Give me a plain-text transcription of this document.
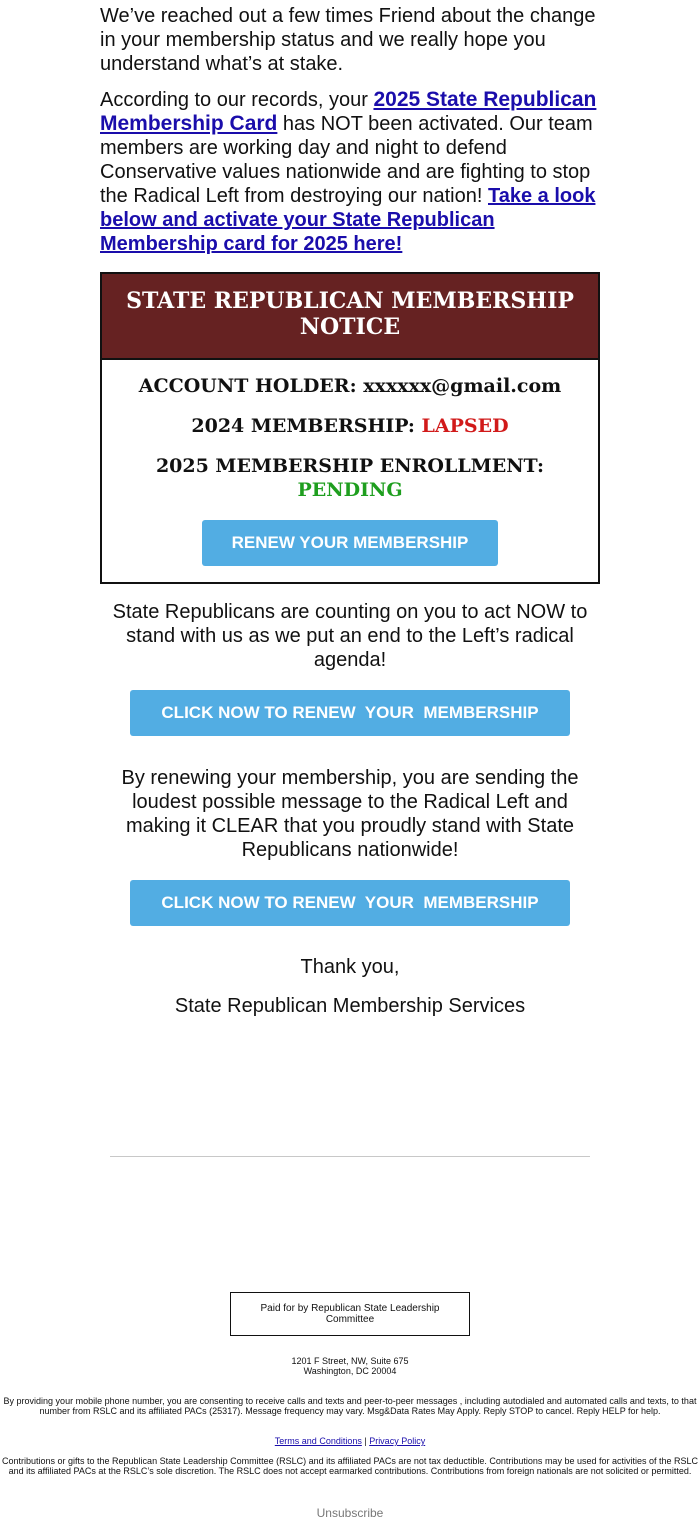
We’ve reached out a few times Friend about the change in your membership status and we really hope you understand what’s at stake.

According to our records, your 2025 State Republican Membership Card has NOT been activated. Our team members are working day and night to defend Conservative values nationwide and are fighting to stop the Radical Left from destroying our nation! Take a look below and activate your State Republican Membership card for 2025 here!

STATE REPUBLICAN MEMBERSHIP NOTICE
ACCOUNT HOLDER: xxxxxx@gmail.com
2024 MEMBERSHIP: LAPSED
2025 MEMBERSHIP ENROLLMENT:
PENDING
RENEW YOUR MEMBERSHIP

State Republicans are counting on you to act NOW to stand with us as we put an end to the Left’s radical agenda!

CLICK NOW TO RENEW  YOUR  MEMBERSHIP

By renewing your membership, you are sending the loudest possible message to the Radical Left and making it CLEAR that you proudly stand with State Republicans nationwide!

CLICK NOW TO RENEW  YOUR  MEMBERSHIP
Thank you,
State Republican Membership Services
Paid for by Republican State Leadership Committee
1201 F Street, NW, Suite 675
Washington, DC 20004
By providing your mobile phone number, you are consenting to receive calls and texts and peer-to-peer messages , including autodialed and automated calls and texts, to that number from RSLC and its affiliated PACs (25317). Message frequency may vary. Msg&Data Rates May Apply. Reply STOP to cancel. Reply HELP for help.
Terms and Conditions | Privacy Policy
Contributions or gifts to the Republican State Leadership Committee (RSLC) and its affiliated PACs are not tax deductible. Contributions may be used for activities of the RSLC and its affiliated PACs at the RSLC’s sole discretion. The RSLC does not accept earmarked contributions. Contributions from foreign nationals are not solicited or permitted.
Unsubscribe
